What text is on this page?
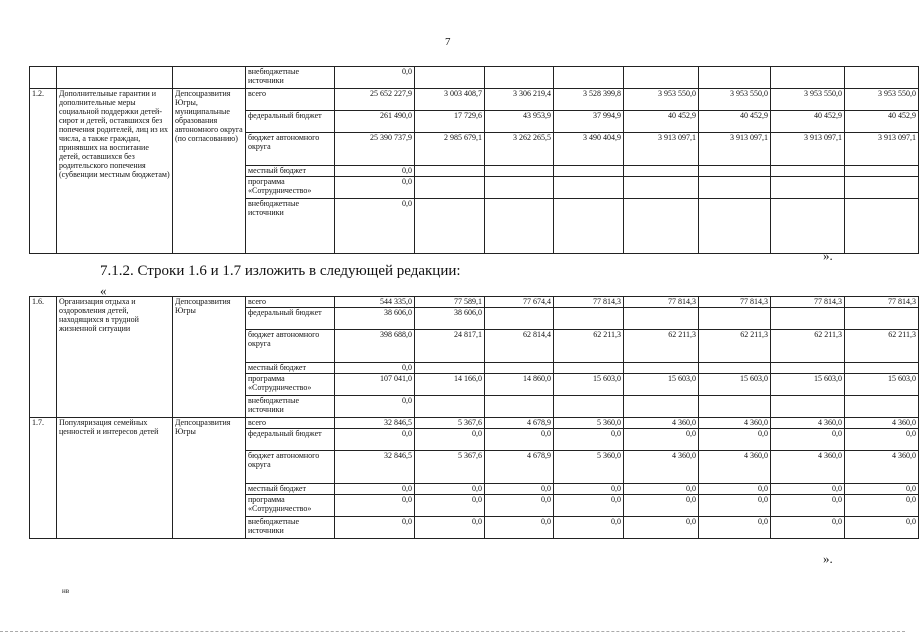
7
			внебюджетные источники	0,0							
1.2.	Дополнительные гарантии и дополнительные меры социальной поддержки детей-сирот и детей, оставшихся без попечения родителей, лиц из их числа, а также граждан, принявших на воспитание детей, оставшихся без родительского попечения (субвенции местным бюджетам)	Депсоцразвития Югры, муниципальные образования автономного округа (по согласованию)	всего	25 652 227,9	3 003 408,7	3 306 219,4	3 528 399,8	3 953 550,0	3 953 550,0	3 953 550,0	3 953 550,0
			федеральный бюджет	261 490,0	17 729,6	43 953,9	37 994,9	40 452,9	40 452,9	40 452,9	40 452,9
			бюджет автономного округа	25 390 737,9	2 985 679,1	3 262 265,5	3 490 404,9	3 913 097,1	3 913 097,1	3 913 097,1	3 913 097,1
			местный бюджет	0,0							
			программа «Сотрудничество»	0,0							
			внебюджетные источники	0,0							
».
7.1.2. Строки 1.6 и 1.7 изложить в следующей редакции:
«
1.6.	Организация отдыха и оздоровления детей, находящихся в трудной жизненной ситуации	Депсоцразвития Югры	всего	544 335,0	77 589,1	77 674,4	77 814,3	77 814,3	77 814,3	77 814,3	77 814,3
			федеральный бюджет	38 606,0	38 606,0						
			бюджет автономного округа	398 688,0	24 817,1	62 814,4	62 211,3	62 211,3	62 211,3	62 211,3	62 211,3
			местный бюджет	0,0							
			программа «Сотрудничество»	107 041,0	14 166,0	14 860,0	15 603,0	15 603,0	15 603,0	15 603,0	15 603,0
			внебюджетные источники	0,0							
1.7.	Популяризация семейных ценностей и интересов детей	Депсоцразвития Югры	всего	32 846,5	5 367,6	4 678,9	5 360,0	4 360,0	4 360,0	4 360,0	4 360,0
			федеральный бюджет	0,0	0,0	0,0	0,0	0,0	0,0	0,0	0,0
			бюджет автономного округа	32 846,5	5 367,6	4 678,9	5 360,0	4 360,0	4 360,0	4 360,0	4 360,0
			местный бюджет	0,0	0,0	0,0	0,0	0,0	0,0	0,0	0,0
			программа «Сотрудничество»	0,0	0,0	0,0	0,0	0,0	0,0	0,0	0,0
			внебюджетные источники	0,0	0,0	0,0	0,0	0,0	0,0	0,0	0,0
».
нв
